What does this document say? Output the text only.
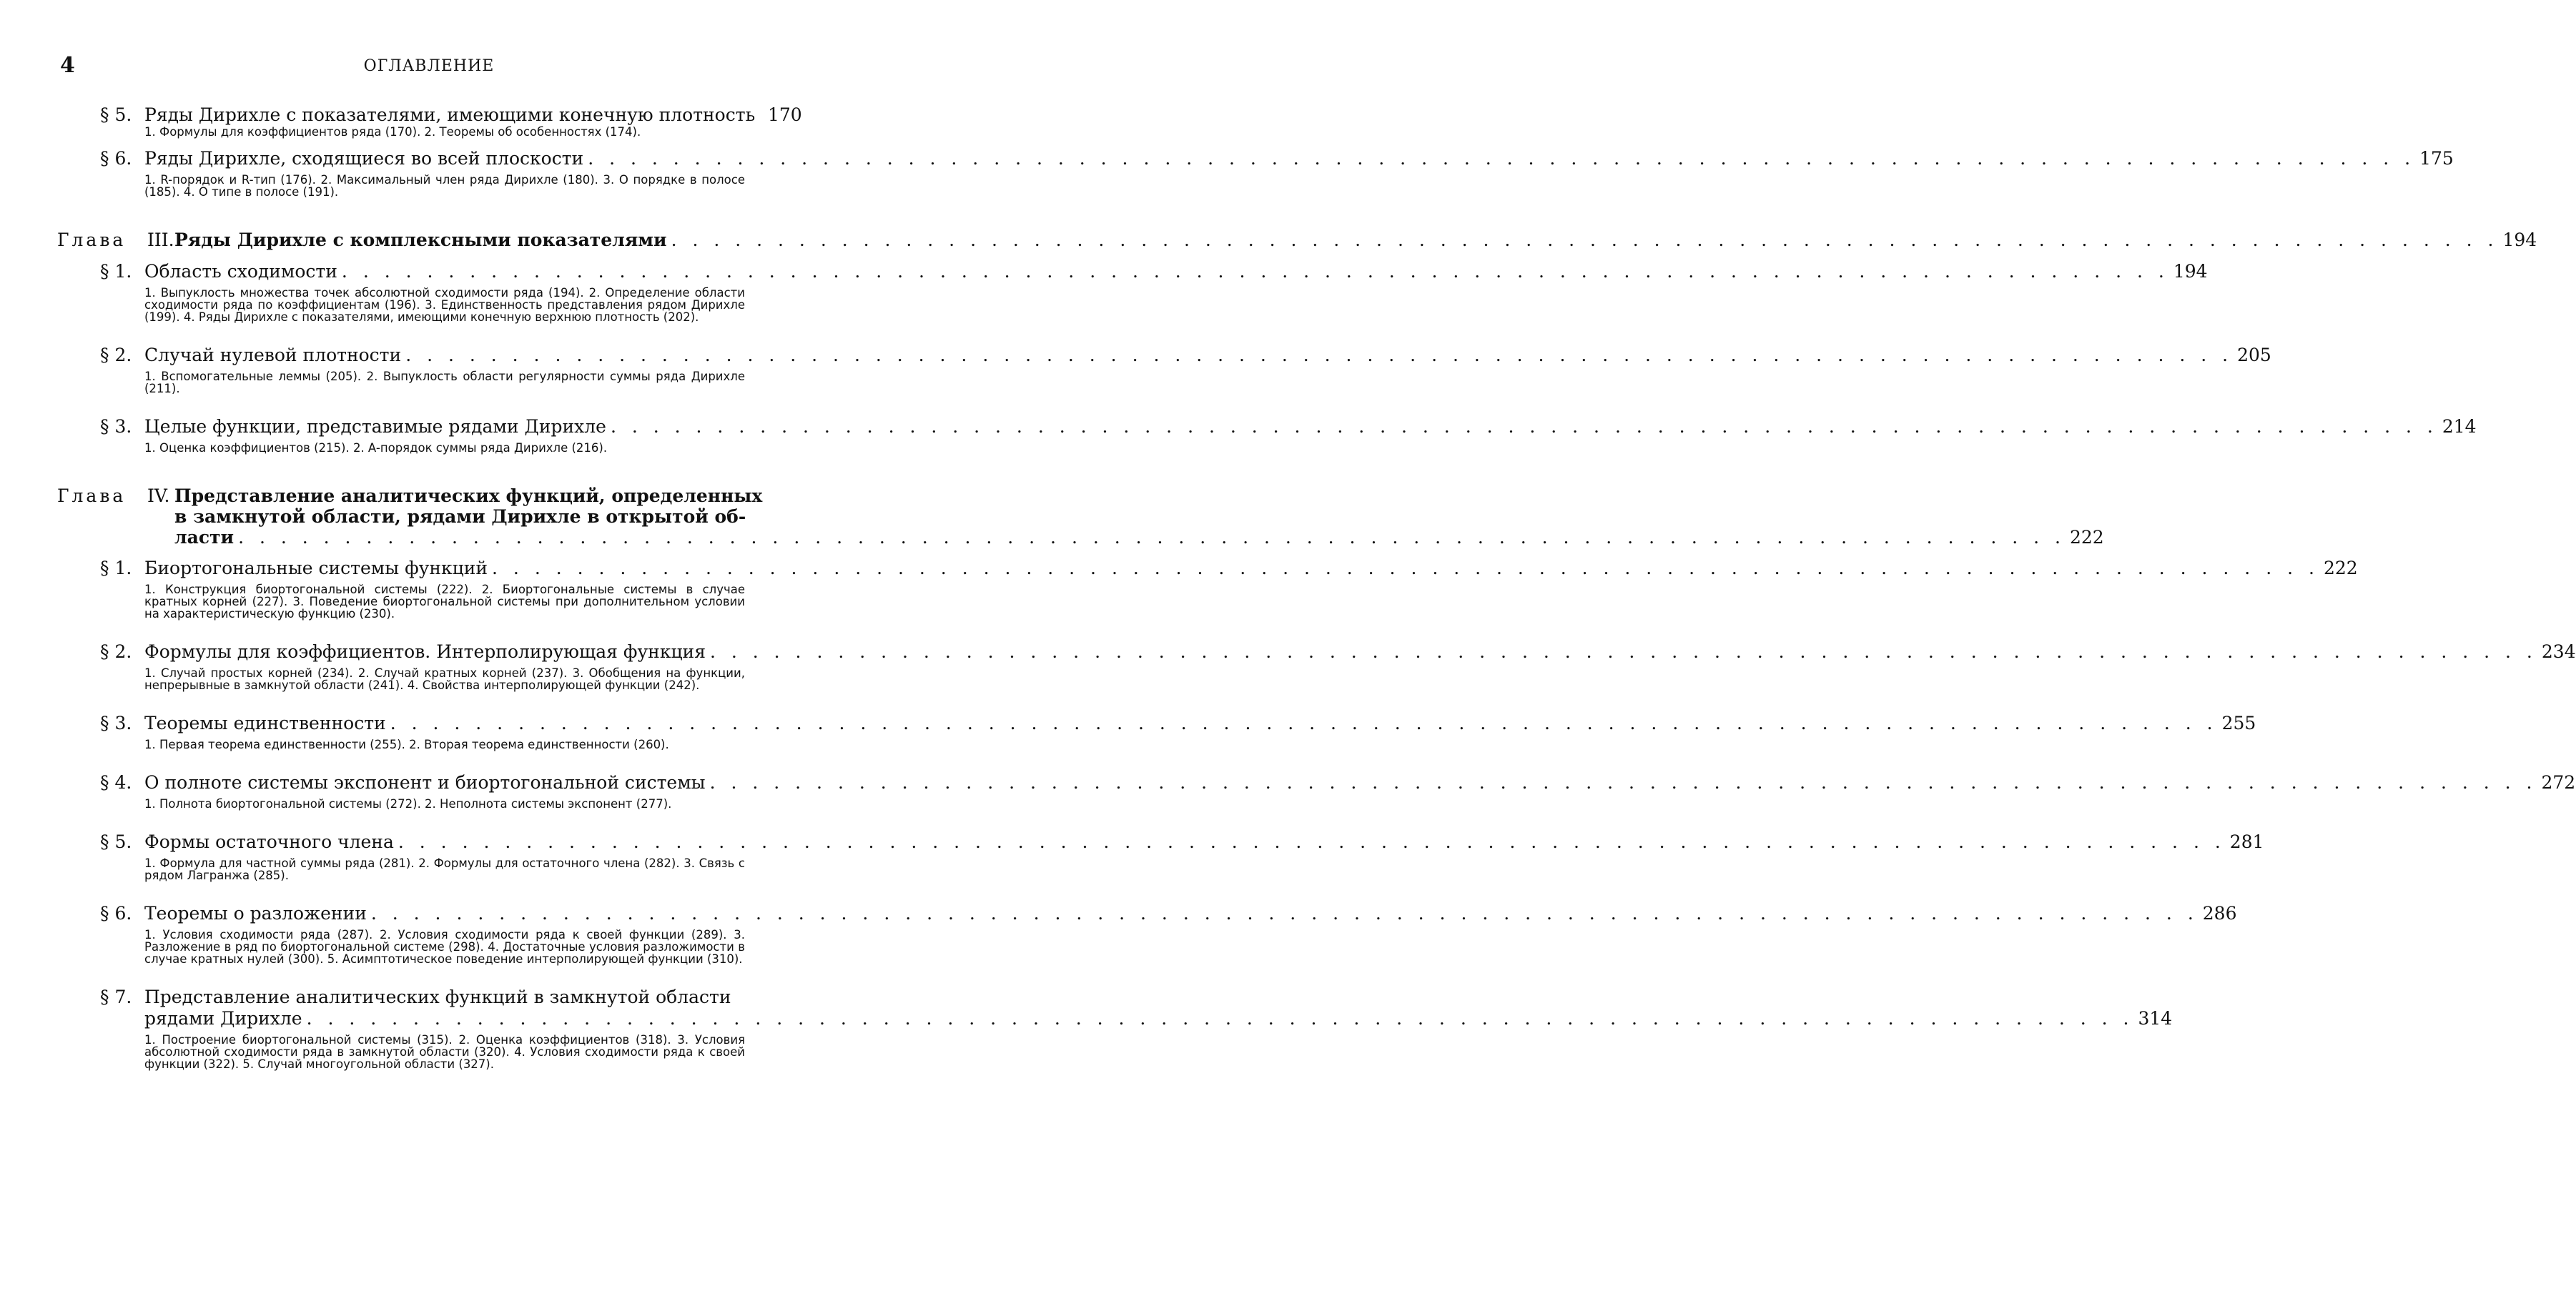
4	ОГЛАВЛЕНИЕ
§ 5. Ряды Дирихле с показателями, имеющими конечную плотность 170
1. Формулы для коэффициентов ряда (170). 2. Теоремы об особенностях (174).
§ 6. Ряды Дирихле, сходящиеся во всей плоскости . . .	175
1. R-порядок и R-тип (176). 2. Максимальный член ряда Дирихле (180). 3. О порядке в полосе (185). 4. О типе в полосе (191).
Глава	III. Ряды Дирихле с комплексными показателями . . .	194
§ 1. Область сходимости . . .	194
1. Выпуклость множества точек абсолютной сходимости ряда (194). 2. Определение области сходимости ряда по коэффициентам (196). 3. Единственность представления рядом Дирихле (199). 4. Ряды Дирихле с показателями, имеющими конечную верхнюю плотность (202).
§ 2. Случай нулевой плотности . . .	205
1. Вспомогательные леммы (205). 2. Выпуклость области регулярности суммы ряда Дирихле (211).
§ 3. Целые функции, представимые рядами Дирихле . . .	214
1. Оценка коэффициентов (215). 2. A-порядок суммы ряда Дирихле (216).
Глава	IV. Представление аналитических функций, определенных
в замкнутой области, рядами Дирихле в открытой об-
ласти . . .	222
§ 1. Биортогональные системы функций . . .	222
1. Конструкция биортогональной системы (222). 2. Биортогональные системы в случае кратных корней (227). 3. Поведение биортогональной системы при дополнительном условии на характеристическую функцию (230).
§ 2. Формулы для коэффициентов. Интерполирующая функция . . .	234
1. Случай простых корней (234). 2. Случай кратных корней (237). 3. Обобщения на функции, непрерывные в замкнутой области (241). 4. Свойства интерполирующей функции (242).
§ 3. Теоремы единственности . . .	255
1. Первая теорема единственности (255). 2. Вторая теорема единственности (260).
§ 4. О полноте системы экспонент и биортогональной системы . . .	272
1. Полнота биортогональной системы (272). 2. Неполнота системы экспонент (277).
§ 5. Формы остаточного члена . . .	281
1. Формула для частной суммы ряда (281). 2. Формулы для остаточного члена (282). 3. Связь с рядом Лагранжа (285).
§ 6. Теоремы о разложении . . .	286
1. Условия сходимости ряда (287). 2. Условия сходимости ряда к своей функции (289). 3. Разложение в ряд по биортогональной системе (298). 4. Достаточные условия разложимости в случае кратных нулей (300). 5. Асимптотическое поведение интерполирующей функции (310).
§ 7. Представление аналитических функций в замкнутой области
рядами Дирихле . . .	314
1. Построение биортогональной системы (315). 2. Оценка коэффициентов (318). 3. Условия абсолютной сходимости ряда в замкнутой области (320). 4. Условия сходимости ряда к своей функции (322). 5. Случай многоугольной области (327).
